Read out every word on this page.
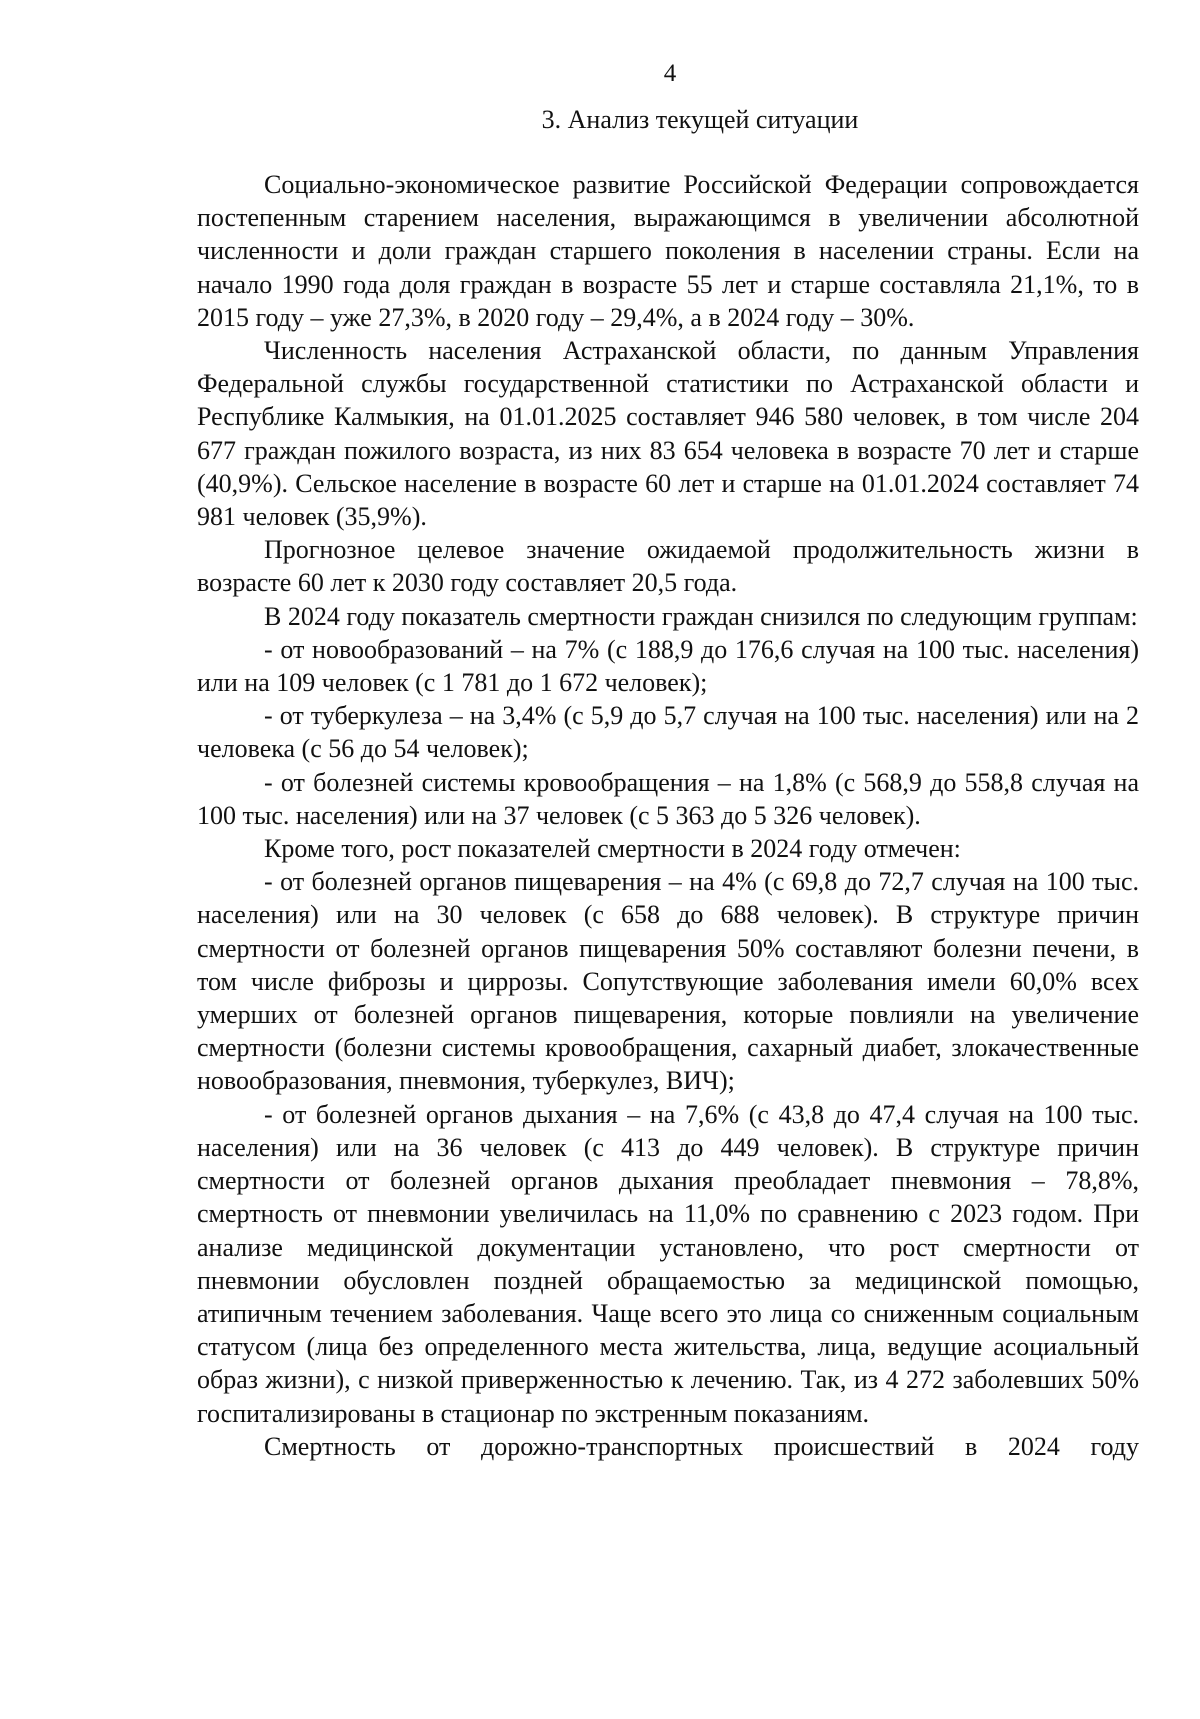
4
3. Анализ текущей ситуации

Социально-экономическое развитие Российской Федерации сопровождается постепенным старением населения, выражающимся в увеличении абсолютной численности и доли граждан старшего поколения в населении страны. Если на начало 1990 года доля граждан в возрасте 55 лет и старше составляла 21,1%, то в 2015 году – уже 27,3%, в 2020 году – 29,4%, а в 2024 году – 30%.

Численность населения Астраханской области, по данным Управления Федеральной службы государственной статистики по Астраханской области и Республике Калмыкия, на 01.01.2025 составляет 946 580 человек, в том числе 204 677 граждан пожилого возраста, из них 83 654 человека в возрасте 70 лет и старше (40,9%). Сельское население в возрасте 60 лет и старше на 01.01.2024 составляет 74 981 человек (35,9%).

Прогнозное целевое значение ожидаемой продолжительность жизни в возрасте 60 лет к 2030 году составляет 20,5 года.

В 2024 году показатель смертности граждан снизился по следующим группам:

- от новообразований – на 7% (с 188,9 до 176,6 случая на 100 тыс. населения) или на 109 человек (с 1 781 до 1 672 человек);

- от туберкулеза – на 3,4% (с 5,9 до 5,7 случая на 100 тыс. населения) или на 2 человека (с 56 до 54 человек);

- от болезней системы кровообращения – на 1,8% (с 568,9 до 558,8 случая на 100 тыс. населения) или на 37 человек (с 5 363 до 5 326 человек).

Кроме того, рост показателей смертности в 2024 году отмечен:

- от болезней органов пищеварения – на 4% (с 69,8 до 72,7 случая на 100 тыс. населения) или на 30 человек (с 658 до 688 человек). В структуре причин смертности от болезней органов пищеварения 50% составляют болезни печени, в том числе фиброзы и циррозы. Сопутствующие заболевания имели 60,0% всех умерших от болезней органов пищеварения, которые повлияли на увеличение смертности (болезни системы кровообращения, сахарный диабет, злокачественные новообразования, пневмония, туберкулез, ВИЧ);

- от болезней органов дыхания – на 7,6% (с 43,8 до 47,4 случая на 100 тыс. населения) или на 36 человек (с 413 до 449 человек). В структуре причин смертности от болезней органов дыхания преобладает пневмония – 78,8%, смертность от пневмонии увеличилась на 11,0% по сравнению с 2023 годом. При анализе медицинской документации установлено, что рост смертности от пневмонии обусловлен поздней обращаемостью за медицинской помощью, атипичным течением заболевания. Чаще всего это лица со сниженным социальным статусом (лица без определенного места жительства, лица, ведущие асоциальный образ жизни), с низкой приверженностью к лечению. Так, из 4 272 заболевших 50% госпитализированы в стационар по экстренным показаниям.

Смертность от дорожно-транспортных происшествий в 2024 году
